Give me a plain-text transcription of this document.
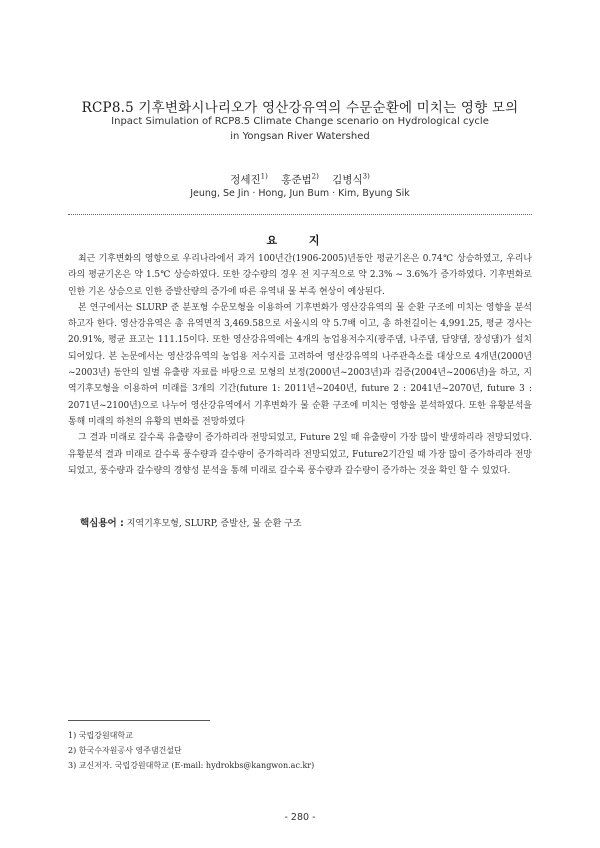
RCP8.5 기후변화시나리오가 영산강유역의 수문순환에 미치는 영향 모의
Inpact Simulation of RCP8.5 Climate Change scenario on Hydrological cycle
in Yongsan River Watershed
정세진$^{1)}$ 홍준범$^{2)}$ 김병식$^{3)}$
Jeung, Se Jin · Hong, Jun Bum · Kim, Byung Sik
요 지

최근 기후변화의 영향으로 우리나라에서 과거 100년간(1906-2005)년동안 평균기온은 0.74℃ 상승하였고, 우리나라의 평균기온은 약 1.5℃ 상승하였다. 또한 강수량의 경우 전 지구적으로 약 2.3% ~ 3.6%가 증가하였다. 기후변화로 인한 기온 상승으로 인한 증발산량의 증가에 따른 유역내 물 부족 현상이 예상된다.

본 연구에서는 SLURP 준 분포형 수문모형을 이용하여 기후변화가 영산강유역의 물 순환 구조에 미치는 영향을 분석하고자 한다. 영산강유역은 총 유역면적 3,469.58으로 서울시의 약 5.7배 이고, 총 하천길이는 4,991.25, 평균 경사는 20.91%, 평균 표고는 111.15이다. 또한 영산강유역에는 4개의 농업용저수지(광주댐, 나주댐, 담양댐, 장성댐)가 설치되어있다. 본 논문에서는 영산강유역의 농업용 저수지를 고려하여 영산강유역의 나주관측소를 대상으로 4개년(2000년~2003년) 동안의 일별 유출량 자료를 바탕으로 모형의 보정(2000년~2003년)과 검증(2004년~2006년)을 하고, 지역기후모형을 이용하여 미래를 3개의 기간(future 1: 2011년~2040년, future 2 : 2041년~2070년, future 3 : 2071년~2100년)으로 나누어 영산강유역에서 기후변화가 물 순환 구조에 미치는 영향을 분석하였다. 또한 유황분석을 통해 미래의 하천의 유황의 변화를 전망하였다

그 결과 미래로 갈수록 유출량이 증가하리라 전망되었고, Future 2일 때 유출량이 가장 많이 발생하리라 전망되었다. 유황분석 결과 미래로 갈수록 풍수량과 갈수량이 증가하리라 전망되었고, Future2기간일 때 가장 많이 증가하리라 전망되었고, 풍수량과 갈수량의 경향성 분석을 통해 미래로 갈수록 풍수량과 갈수량이 증가하는 것을 확인 할 수 있었다.

핵심용어 : 지역기후모형, SLURP, 증발산, 물 순환 구조
1) 국립강원대학교
2) 한국수자원공사 영주댐건설단
3) 교신저자. 국립강원대학교 (E-mail: hydrokbs@kangwon.ac.kr)
- 280 -
